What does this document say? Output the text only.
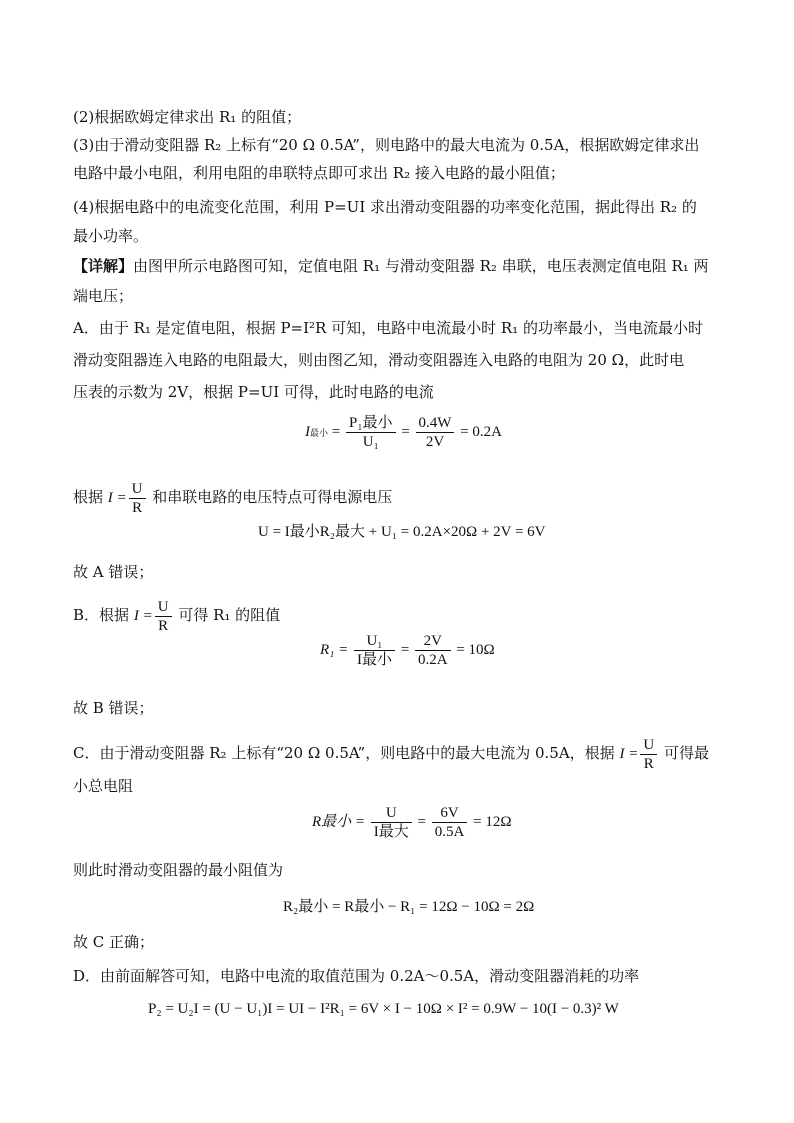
(2)根据欧姆定律求出 R₁ 的阻值；
(3)由于滑动变阻器 R₂ 上标有“20 Ω 0.5A”，则电路中的最大电流为 0.5A，根据欧姆定律求出
电路中最小电阻，利用电阻的串联特点即可求出 R₂ 接入电路的最小阻值；
(4)根据电路中的电流变化范围，利用 P=UI 求出滑动变阻器的功率变化范围，据此得出 R₂ 的
最小功率。
【详解】由图甲所示电路图可知，定值电阻 R₁ 与滑动变阻器 R₂ 串联，电压表测定值电阻 R₁ 两
端电压；
A．由于 R₁ 是定值电阻，根据 P=I²R 可知，电路中电流最小时 R₁ 的功率最小，当电流最小时
滑动变阻器连入电路的电阻最大，则由图乙知，滑动变阻器连入电路的电阻为 20 Ω，此时电
压表的示数为 2V，根据 P=UI 可得，此时电路的电流
I最小 = $\frac{\text{P₁最小}}{\text{U₁}} = \frac{0.4W}{2V} = 0.2A$
根据 $I = \frac{U}{R}$ 和串联电路的电压特点可得电源电压
U = I最小R₂最大 + U₁ = 0.2A×20Ω + 2V = 6V
故 A 错误；
B．根据 $I = \frac{U}{R}$ 可得 R₁ 的阻值
$R_1 = \frac{\text{U₁}}{\text{I最小}} = \frac{2V}{0.2A} = 10\Omega$
故 B 错误；
C．由于滑动变阻器 R₂ 上标有“20 Ω 0.5A”，则电路中的最大电流为 0.5A，根据 $I = \frac{U}{R}$ 可得最
小总电阻
R最小 = $\frac{U}{\text{I最大}} = \frac{6V}{0.5A} = 12\Omega$
则此时滑动变阻器的最小阻值为
R₂最小 = R最小 − R₁ = 12Ω − 10Ω = 2Ω
故 C 正确；
D．由前面解答可知，电路中电流的取值范围为 0.2A～0.5A，滑动变阻器消耗的功率
P₂ = U₂I = (U − U₁)I = UI − I²R₁ = 6V × I − 10Ω × I² = 0.9W − 10(I − 0.3)² W
